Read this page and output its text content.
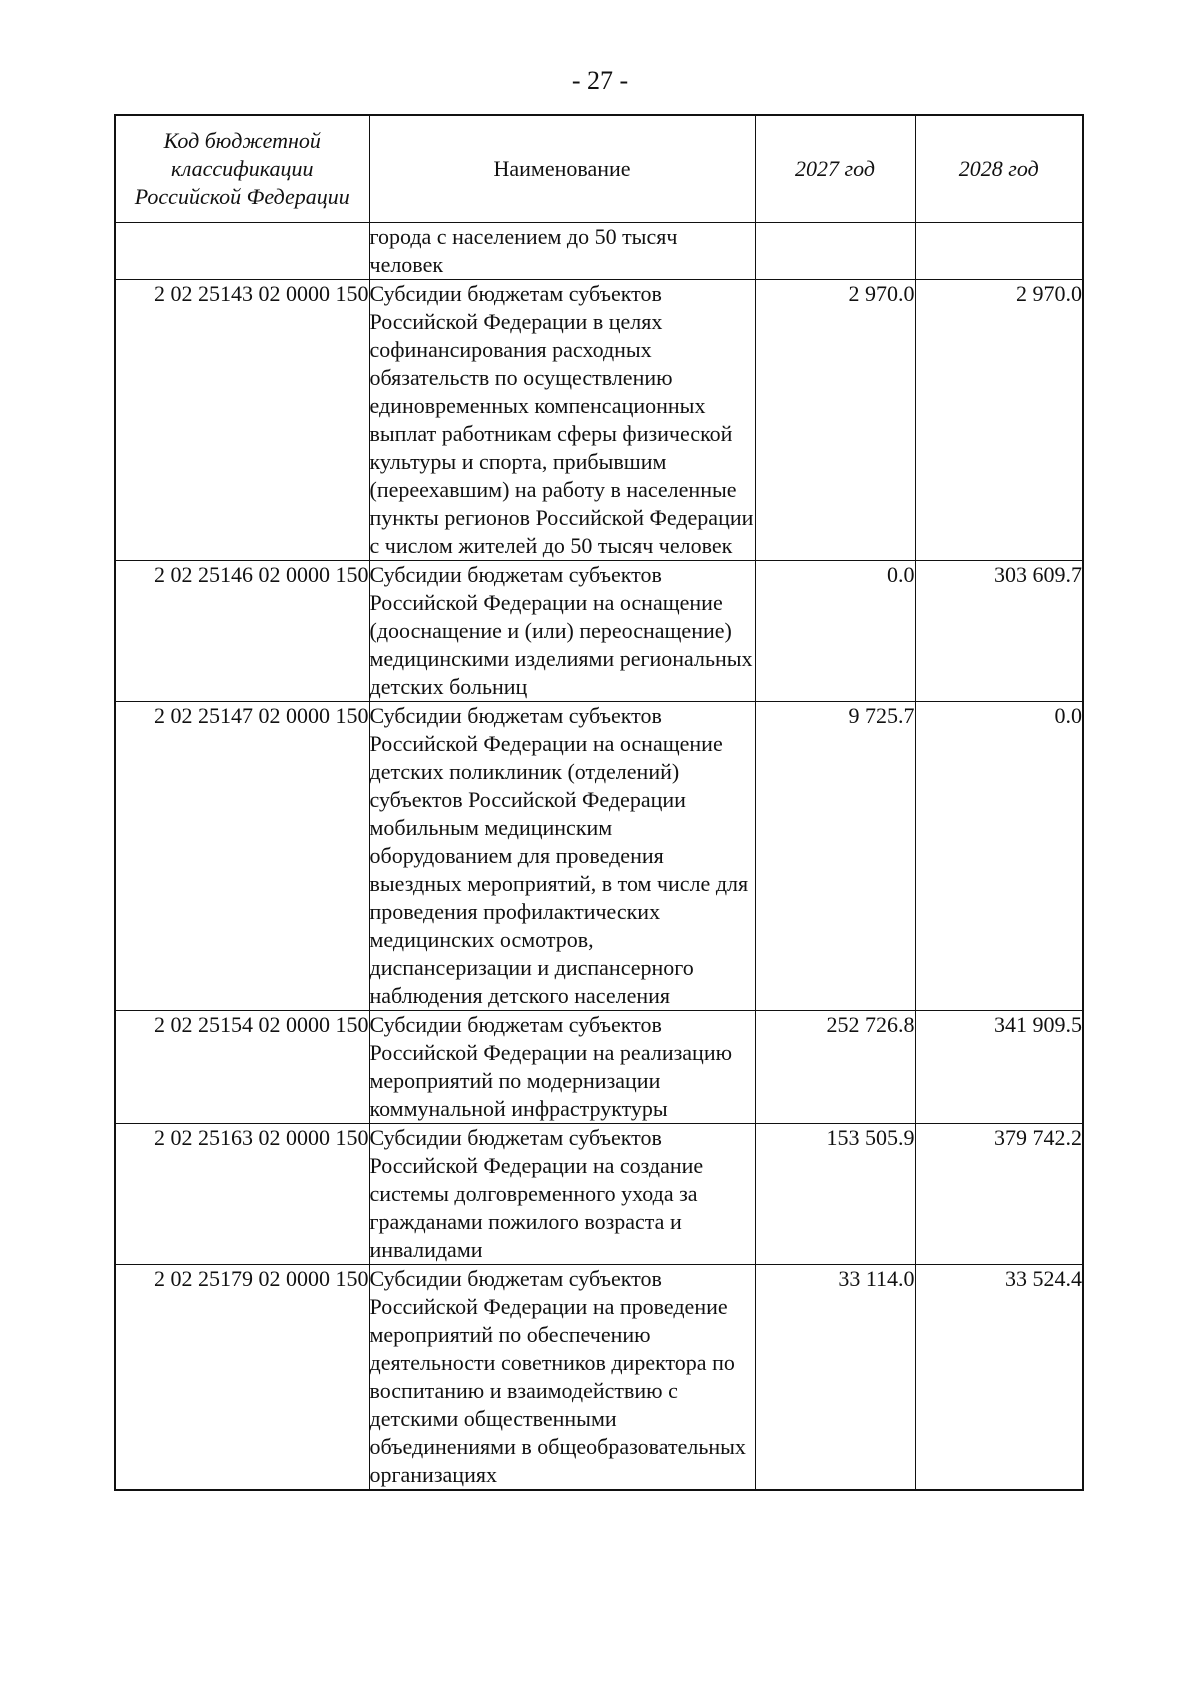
- 27 -
Код бюджетной классификации Российской Федерации	Наименование	2027 год	2028 год
	города с населением до 50 тысяч человек		
2 02 25143 02 0000 150	Субсидии бюджетам субъектов Российской Федерации в целях софинансирования расходных обязательств по осуществлению единовременных компенсационных выплат работникам сферы физической культуры и спорта, прибывшим (переехавшим) на работу в населенные пункты регионов Российской Федерации с числом жителей до 50 тысяч человек	2 970.0	2 970.0
2 02 25146 02 0000 150	Субсидии бюджетам субъектов Российской Федерации на оснащение (дооснащение и (или) переоснащение) медицинскими изделиями региональных детских больниц	0.0	303 609.7
2 02 25147 02 0000 150	Субсидии бюджетам субъектов Российской Федерации на оснащение детских поликлиник (отделений) субъектов Российской Федерации мобильным медицинским оборудованием для проведения выездных мероприятий, в том числе для проведения профилактических медицинских осмотров, диспансеризации и диспансерного наблюдения детского населения	9 725.7	0.0
2 02 25154 02 0000 150	Субсидии бюджетам субъектов Российской Федерации на реализацию мероприятий по модернизации коммунальной инфраструктуры	252 726.8	341 909.5
2 02 25163 02 0000 150	Субсидии бюджетам субъектов Российской Федерации на создание системы долговременного ухода за гражданами пожилого возраста и инвалидами	153 505.9	379 742.2
2 02 25179 02 0000 150	Субсидии бюджетам субъектов Российской Федерации на проведение мероприятий по обеспечению деятельности советников директора по воспитанию и взаимодействию с детскими общественными объединениями в общеобразовательных организациях	33 114.0	33 524.4
